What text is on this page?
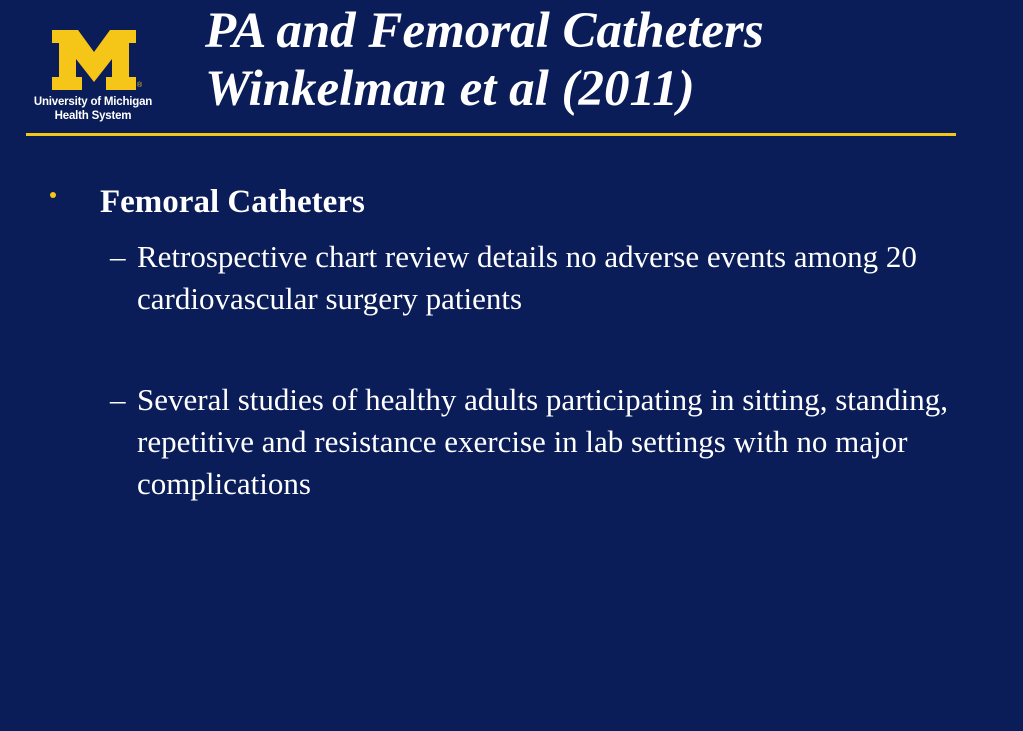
®
University of Michigan
Health System
PA and Femoral Catheters
Winkelman et al (2011)
Femoral Catheters
– Retrospective chart review details no adverse events among 20 cardiovascular surgery patients
– Several studies of healthy adults participating in sitting, standing, repetitive and resistance exercise in lab settings with no major complications
